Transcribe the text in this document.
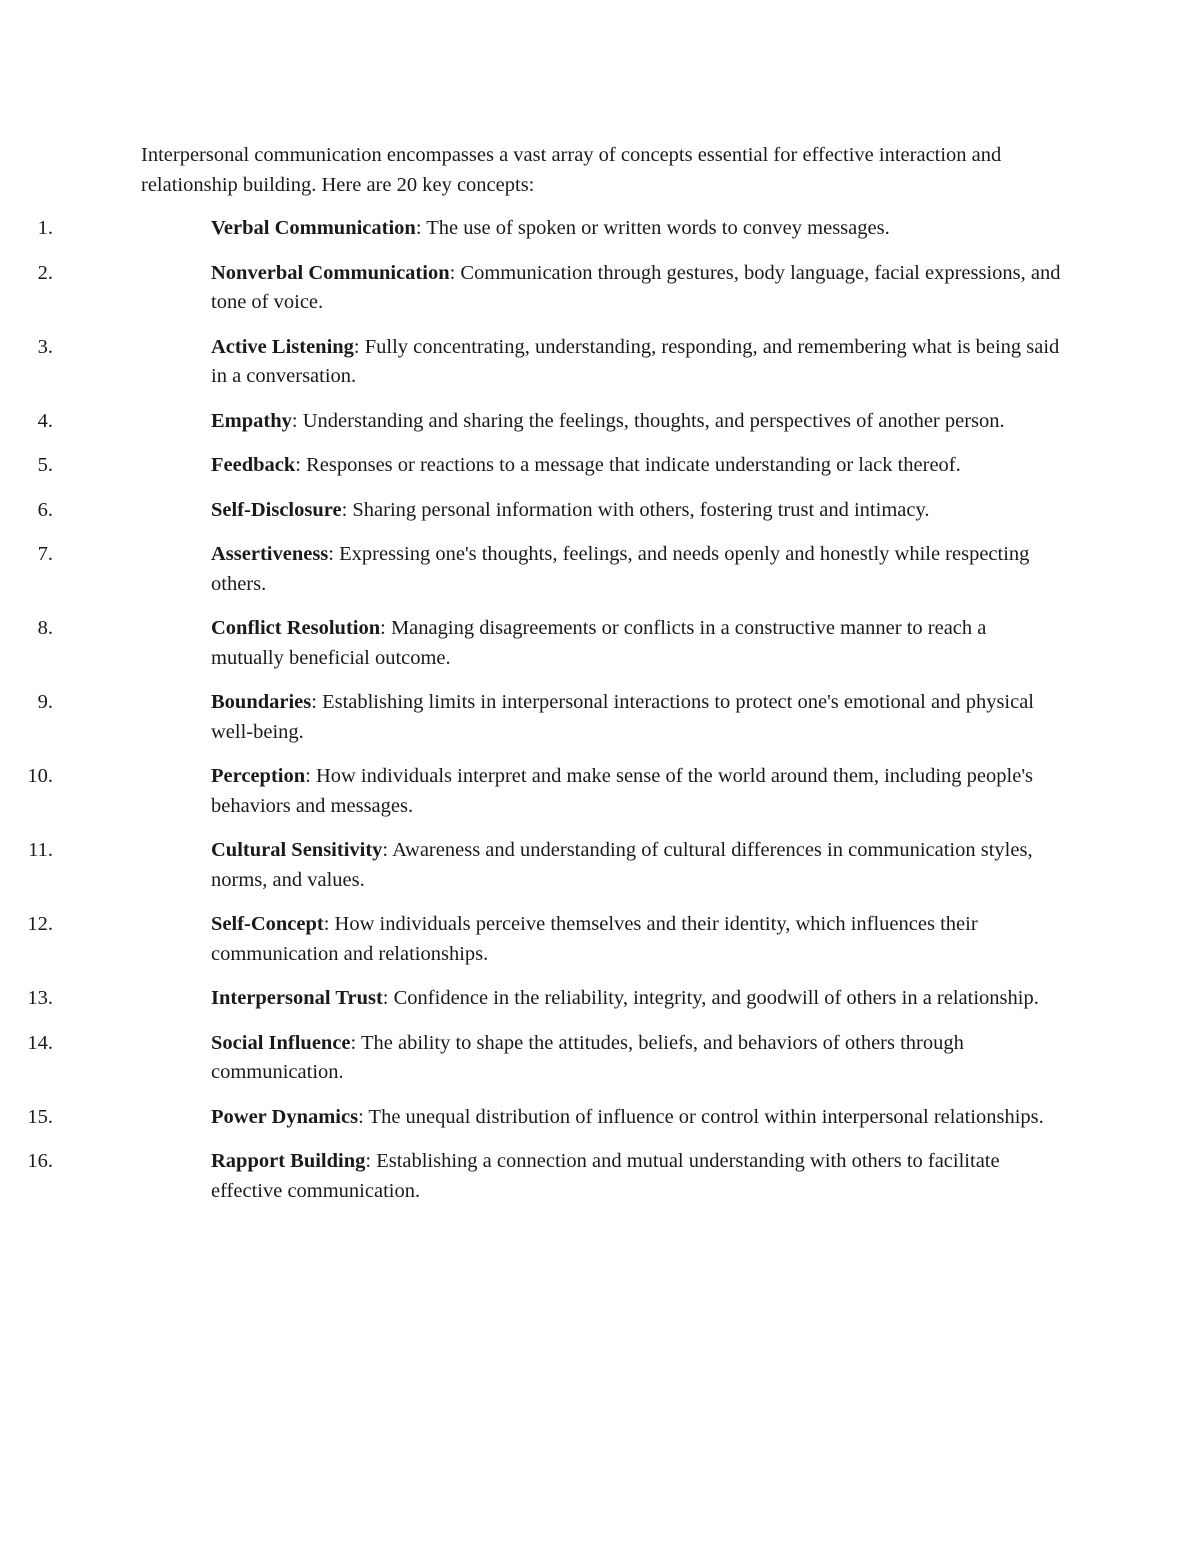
Interpersonal communication encompasses a vast array of concepts essential for effective interaction and relationship building. Here are 20 key concepts:

1.	Verbal Communication: The use of spoken or written words to convey messages.
2.	Nonverbal Communication: Communication through gestures, body language, facial expressions, and tone of voice.
3.	Active Listening: Fully concentrating, understanding, responding, and remembering what is being said in a conversation.
4.	Empathy: Understanding and sharing the feelings, thoughts, and perspectives of another person.
5.	Feedback: Responses or reactions to a message that indicate understanding or lack thereof.
6.	Self-Disclosure: Sharing personal information with others, fostering trust and intimacy.
7.	Assertiveness: Expressing one's thoughts, feelings, and needs openly and honestly while respecting others.
8.	Conflict Resolution: Managing disagreements or conflicts in a constructive manner to reach a mutually beneficial outcome.
9.	Boundaries: Establishing limits in interpersonal interactions to protect one's emotional and physical well-being.
10.	Perception: How individuals interpret and make sense of the world around them, including people's behaviors and messages.
11.	Cultural Sensitivity: Awareness and understanding of cultural differences in communication styles, norms, and values.
12.	Self-Concept: How individuals perceive themselves and their identity, which influences their communication and relationships.
13.	Interpersonal Trust: Confidence in the reliability, integrity, and goodwill of others in a relationship.
14.	Social Influence: The ability to shape the attitudes, beliefs, and behaviors of others through communication.
15.	Power Dynamics: The unequal distribution of influence or control within interpersonal relationships.
16.	Rapport Building: Establishing a connection and mutual understanding with others to facilitate effective communication.
